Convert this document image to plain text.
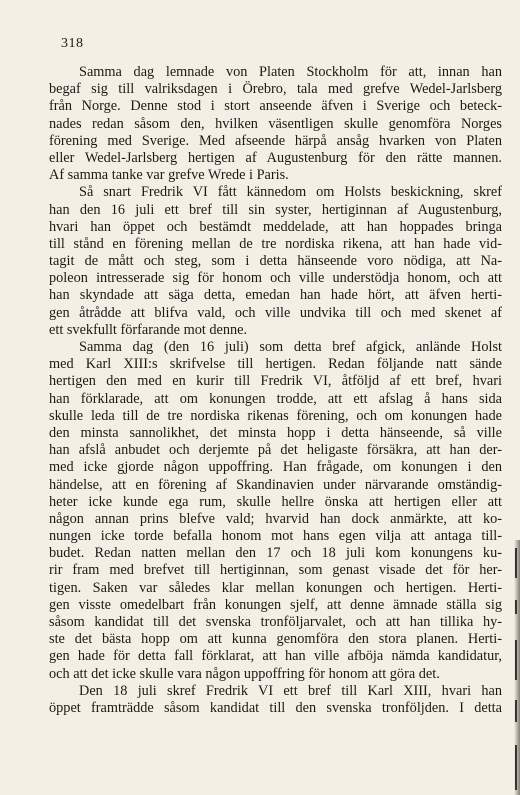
318
Samma dag lemnade von Platen Stockholm för att, innan han
begaf sig till valriksdagen i Örebro, tala med grefve Wedel-Jarlsberg
från Norge. Denne stod i stort anseende äfven i Sverige och beteck-
nades redan såsom den, hvilken väsentligen skulle genomföra Norges
förening med Sverige. Med afseende härpå ansåg hvarken von Platen
eller Wedel-Jarlsberg hertigen af Augustenburg för den rätte mannen.
Af samma tanke var grefve Wrede i Paris.
Så snart Fredrik VI fått kännedom om Holsts beskickning, skref
han den 16 juli ett bref till sin syster, hertiginnan af Augustenburg,
hvari han öppet och bestämdt meddelade, att han hoppades bringa
till stånd en förening mellan de tre nordiska rikena, att han hade vid-
tagit de mått och steg, som i detta hänseende voro nödiga, att Na-
poleon intresserade sig för honom och ville understödja honom, och att
han skyndade att säga detta, emedan han hade hört, att äfven herti-
gen åtrådde att blifva vald, och ville undvika till och med skenet af
ett svekfullt förfarande mot denne.
Samma dag (den 16 juli) som detta bref afgick, anlände Holst
med Karl XIII:s skrifvelse till hertigen. Redan följande natt sände
hertigen den med en kurir till Fredrik VI, åtföljd af ett bref, hvari
han förklarade, att om konungen trodde, att ett afslag å hans sida
skulle leda till de tre nordiska rikenas förening, och om konungen hade
den minsta sannolikhet, det minsta hopp i detta hänseende, så ville
han afslå anbudet och derjemte på det heligaste försäkra, att han der-
med icke gjorde någon uppoffring. Han frågade, om konungen i den
händelse, att en förening af Skandinavien under närvarande omständig-
heter icke kunde ega rum, skulle hellre önska att hertigen eller att
någon annan prins blefve vald; hvarvid han dock anmärkte, att ko-
nungen icke torde befalla honom mot hans egen vilja att antaga till-
budet. Redan natten mellan den 17 och 18 juli kom konungens ku-
rir fram med brefvet till hertiginnan, som genast visade det för her-
tigen. Saken var således klar mellan konungen och hertigen. Herti-
gen visste omedelbart från konungen sjelf, att denne ämnade ställa sig
såsom kandidat till det svenska tronföljarvalet, och att han tillika hy-
ste det bästa hopp om att kunna genomföra den stora planen. Herti-
gen hade för detta fall förklarat, att han ville afböja nämda kandidatur,
och att det icke skulle vara någon uppoffring för honom att göra det.
Den 18 juli skref Fredrik VI ett bref till Karl XIII, hvari han
öppet framträdde såsom kandidat till den svenska tronföljden. I detta
